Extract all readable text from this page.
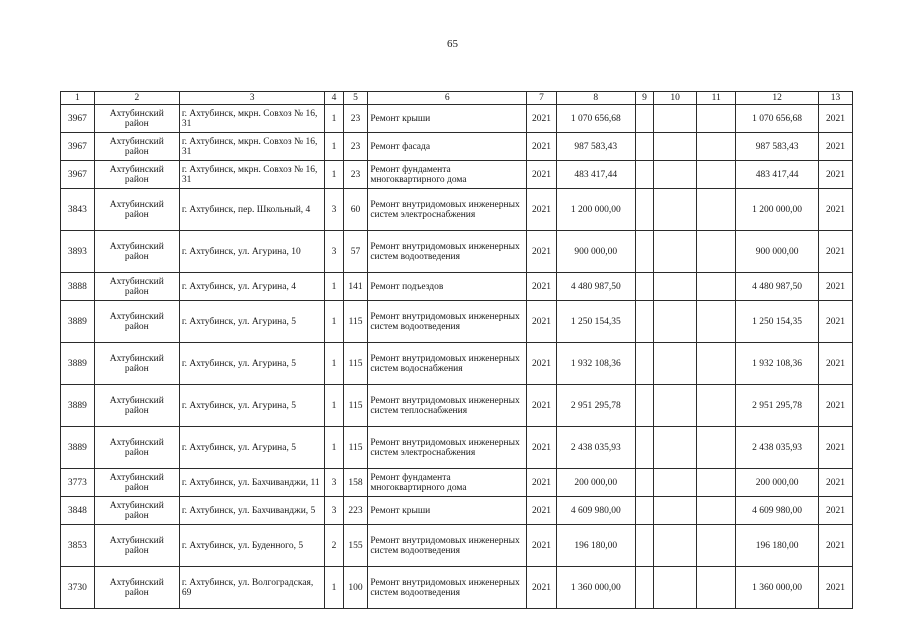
65
1	2	3	4	5	6	7	8	9	10	11	12	13
3967	Ахтубинский район	г. Ахтубинск, мкрн. Совхоз № 16, 31	1	23	Ремонт крыши	2021	1 070 656,68				1 070 656,68	2021
3967	Ахтубинский район	г. Ахтубинск, мкрн. Совхоз № 16, 31	1	23	Ремонт фасада	2021	987 583,43				987 583,43	2021
3967	Ахтубинский район	г. Ахтубинск, мкрн. Совхоз № 16, 31	1	23	Ремонт фундамента многоквартирного дома	2021	483 417,44				483 417,44	2021
3843	Ахтубинский район	г. Ахтубинск, пер. Школьный, 4	3	60	Ремонт внутридомовых инженерных систем электроснабжения	2021	1 200 000,00				1 200 000,00	2021
3893	Ахтубинский район	г. Ахтубинск, ул. Агурина, 10	3	57	Ремонт внутридомовых инженерных систем водоотведения	2021	900 000,00				900 000,00	2021
3888	Ахтубинский район	г. Ахтубинск, ул. Агурина, 4	1	141	Ремонт подъездов	2021	4 480 987,50				4 480 987,50	2021
3889	Ахтубинский район	г. Ахтубинск, ул. Агурина, 5	1	115	Ремонт внутридомовых инженерных систем водоотведения	2021	1 250 154,35				1 250 154,35	2021
3889	Ахтубинский район	г. Ахтубинск, ул. Агурина, 5	1	115	Ремонт внутридомовых инженерных систем водоснабжения	2021	1 932 108,36				1 932 108,36	2021
3889	Ахтубинский район	г. Ахтубинск, ул. Агурина, 5	1	115	Ремонт внутридомовых инженерных систем теплоснабжения	2021	2 951 295,78				2 951 295,78	2021
3889	Ахтубинский район	г. Ахтубинск, ул. Агурина, 5	1	115	Ремонт внутридомовых инженерных систем электроснабжения	2021	2 438 035,93				2 438 035,93	2021
3773	Ахтубинский район	г. Ахтубинск, ул. Бахчиванджи, 11	3	158	Ремонт фундамента многоквартирного дома	2021	200 000,00				200 000,00	2021
3848	Ахтубинский район	г. Ахтубинск, ул. Бахчиванджи, 5	3	223	Ремонт крыши	2021	4 609 980,00				4 609 980,00	2021
3853	Ахтубинский район	г. Ахтубинск, ул. Буденного, 5	2	155	Ремонт внутридомовых инженерных систем водоотведения	2021	196 180,00				196 180,00	2021
3730	Ахтубинский район	г. Ахтубинск, ул. Волгоградская, 69	1	100	Ремонт внутридомовых инженерных систем водоотведения	2021	1 360 000,00				1 360 000,00	2021
